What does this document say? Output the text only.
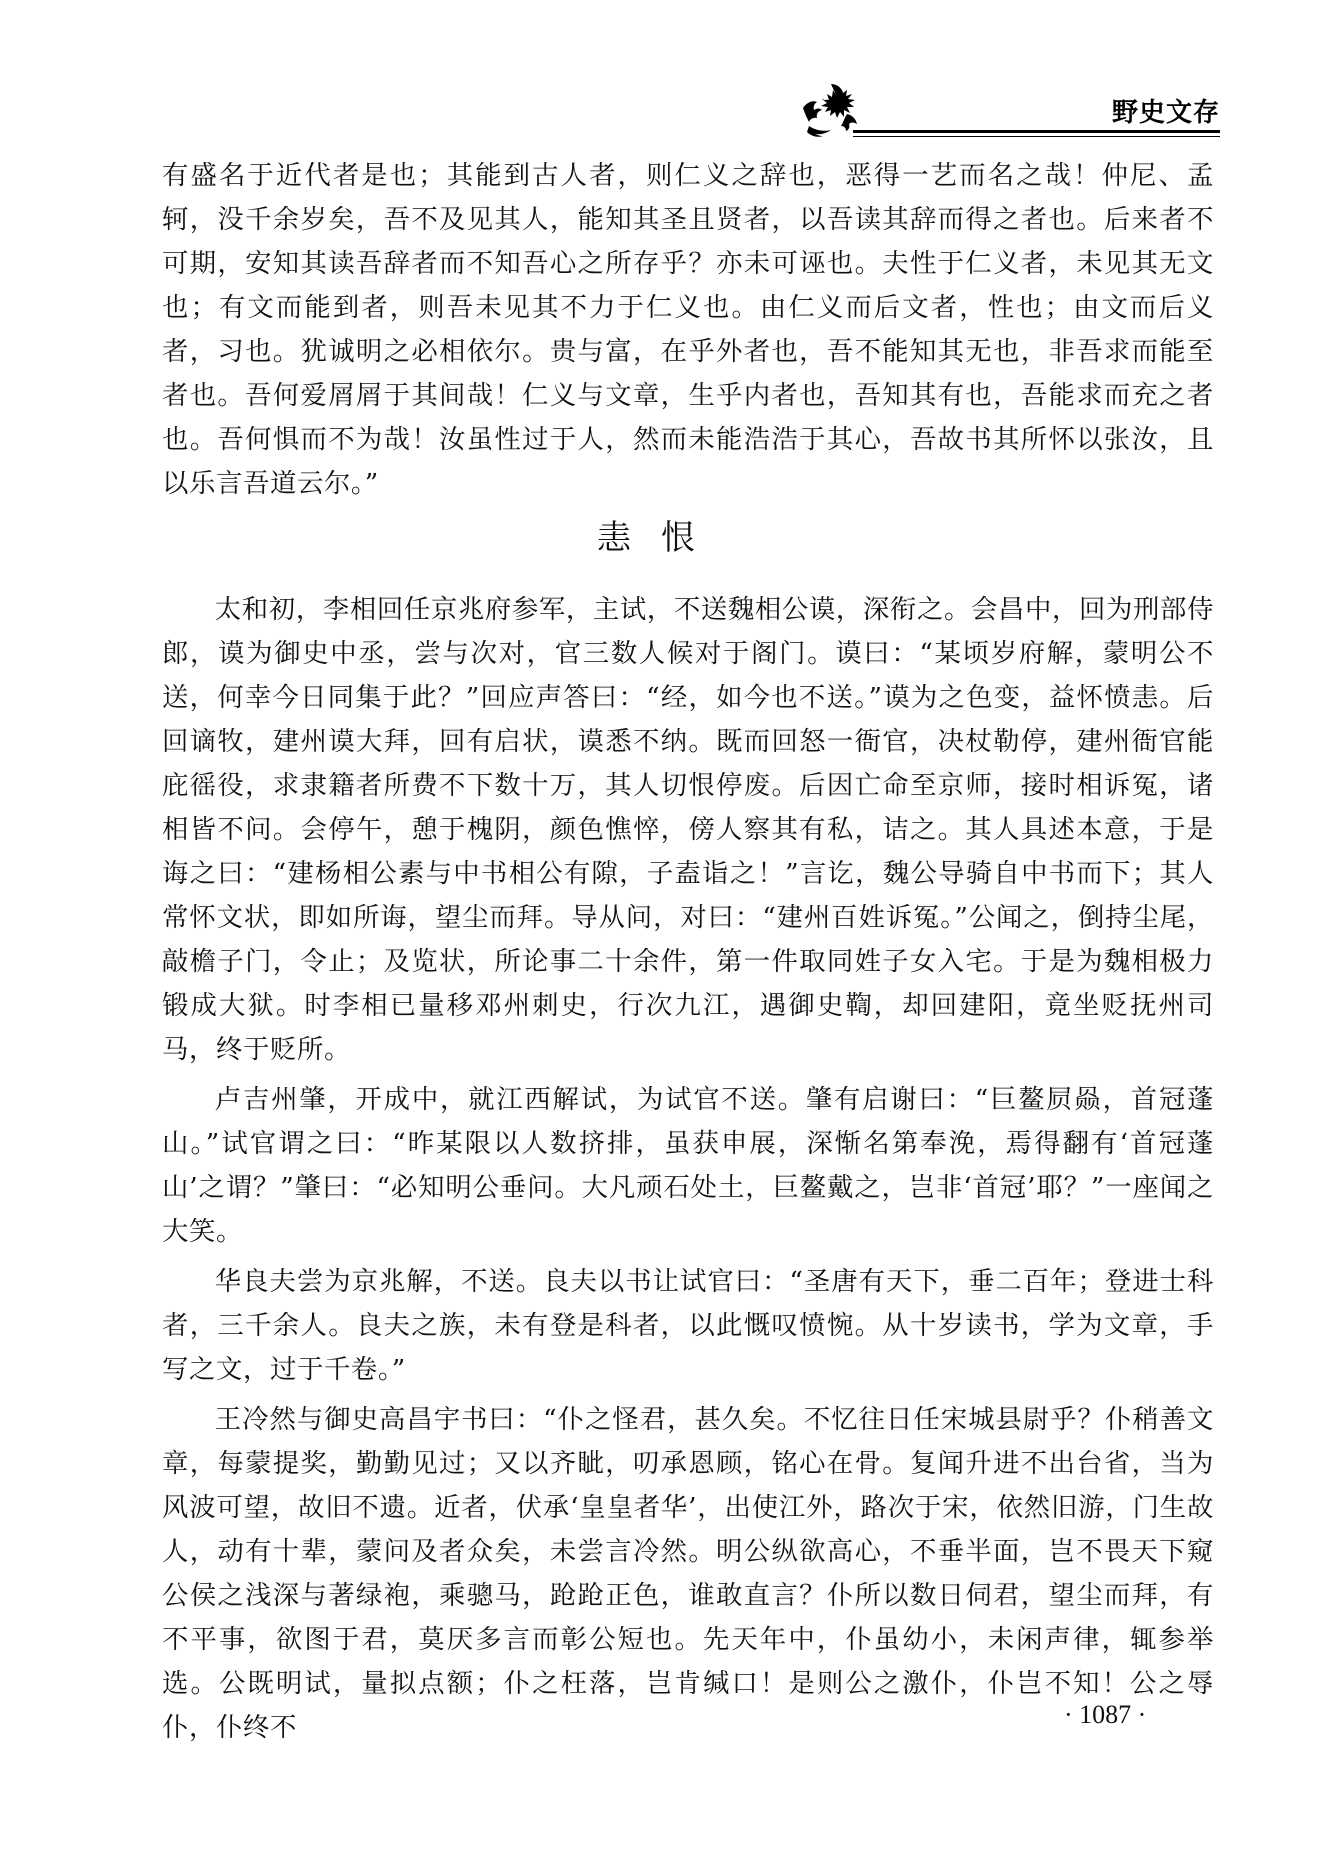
野史文存

有盛名于近代者是也；其能到古人者，则仁义之辞也，恶得一艺而名之哉！仲尼、孟轲，没千余岁矣，吾不及见其人，能知其圣且贤者，以吾读其辞而得之者也。后来者不可期，安知其读吾辞者而不知吾心之所存乎？亦未可诬也。夫性于仁义者，未见其无文也；有文而能到者，则吾未见其不力于仁义也。由仁义而后文者，性也；由文而后义者，习也。犹诚明之必相依尔。贵与富，在乎外者也，吾不能知其无也，非吾求而能至者也。吾何爱屑屑于其间哉！仁义与文章，生乎内者也，吾知其有也，吾能求而充之者也。吾何惧而不为哉！汝虽性过于人，然而未能浩浩于其心，吾故书其所怀以张汝，且以乐言吾道云尔。”

恚恨

太和初，李相回任京兆府参军，主试，不送魏相公谟，深衔之。会昌中，回为刑部侍郎，谟为御史中丞，尝与次对，官三数人候对于阁门。谟曰：“某顷岁府解，蒙明公不送，何幸今日同集于此？”回应声答曰：“经，如今也不送。”谟为之色变，益怀愤恚。后回谪牧，建州谟大拜，回有启状，谟悉不纳。既而回怒一衙官，决杖勒停，建州衙官能庇徭役，求隶籍者所费不下数十万，其人切恨停废。后因亡命至京师，接时相诉冤，诸相皆不问。会停午，憩于槐阴，颜色憔悴，傍人察其有私，诘之。其人具述本意，于是诲之曰：“建杨相公素与中书相公有隙，子盍诣之！”言讫，魏公导骑自中书而下；其人常怀文状，即如所诲，望尘而拜。导从问，对曰：“建州百姓诉冤。”公闻之，倒持尘尾，敲檐子门，令止；及览状，所论事二十余件，第一件取同姓子女入宅。于是为魏相极力锻成大狱。时李相已量移邓州刺史，行次九江，遇御史鞫，却回建阳，竟坐贬抚州司马，终于贬所。

卢吉州肇，开成中，就江西解试，为试官不送。肇有启谢曰：“巨鳌屃赑，首冠蓬山。”试官谓之曰：“昨某限以人数挤排，虽获申展，深惭名第奉浼，焉得翻有‘首冠蓬山’之谓？”肇曰：“必知明公垂问。大凡顽石处土，巨鳌戴之，岂非‘首冠’耶？”一座闻之大笑。

华良夫尝为京兆解，不送。良夫以书让试官曰：“圣唐有天下，垂二百年；登进士科者，三千余人。良夫之族，未有登是科者，以此慨叹愤惋。从十岁读书，学为文章，手写之文，过于千卷。”

王冷然与御史高昌宇书曰：“仆之怪君，甚久矣。不忆往日任宋城县尉乎？仆稍善文章，每蒙提奖，勤勤见过；又以齐眦，叨承恩顾，铭心在骨。复闻升进不出台省，当为风波可望，故旧不遗。近者，伏承‘皇皇者华’，出使江外，路次于宋，依然旧游，门生故人，动有十辈，蒙问及者众矣，未尝言冷然。明公纵欲高心，不垂半面，岂不畏天下窥公侯之浅深与著绿袍，乘骢马，跄跄正色，谁敢直言？仆所以数日伺君，望尘而拜，有不平事，欲图于君，莫厌多言而彰公短也。先天年中，仆虽幼小，未闲声律，辄参举选。公既明试，量拟点额；仆之枉落，岂肯缄口！是则公之激仆，仆岂不知！公之辱仆，仆终不	· 1087 ·
